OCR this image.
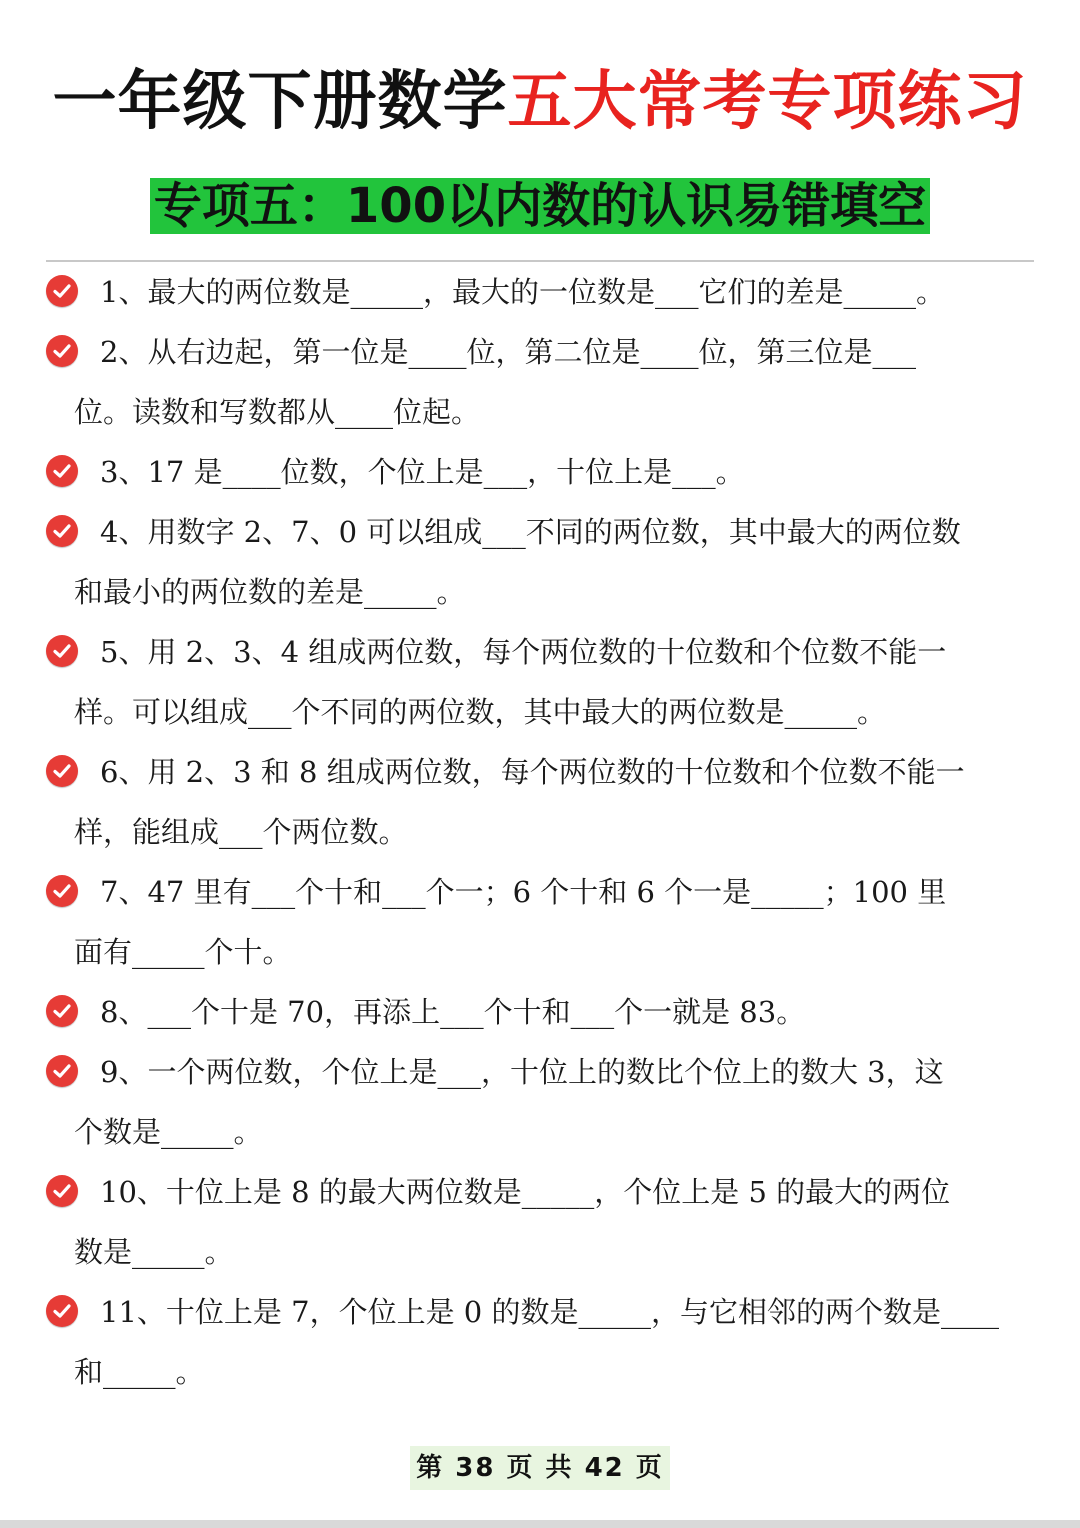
一年级下册数学五大常考专项练习
专项五：100以内数的认识易错填空
1、最大的两位数是_____，最大的一位数是___它们的差是_____。
2、从右边起，第一位是____位，第二位是____位，第三位是___
位。读数和写数都从____位起。
3、17 是____位数，个位上是___，十位上是___。
4、用数字 2、7、0 可以组成___不同的两位数，其中最大的两位数
和最小的两位数的差是_____。
5、用 2、3、4 组成两位数，每个两位数的十位数和个位数不能一
样。可以组成___个不同的两位数，其中最大的两位数是_____。
6、用 2、3 和 8 组成两位数，每个两位数的十位数和个位数不能一
样，能组成___个两位数。
7、47 里有___个十和___个一；6 个十和 6 个一是_____；100 里
面有_____个十。
8、___个十是 70，再添上___个十和___个一就是 83。
9、一个两位数，个位上是___，十位上的数比个位上的数大 3，这
个数是_____。
10、十位上是 8 的最大两位数是_____，个位上是 5 的最大的两位
数是_____。
11、十位上是 7，个位上是 0 的数是_____，与它相邻的两个数是____
和_____。
第 38 页 共 42 页
